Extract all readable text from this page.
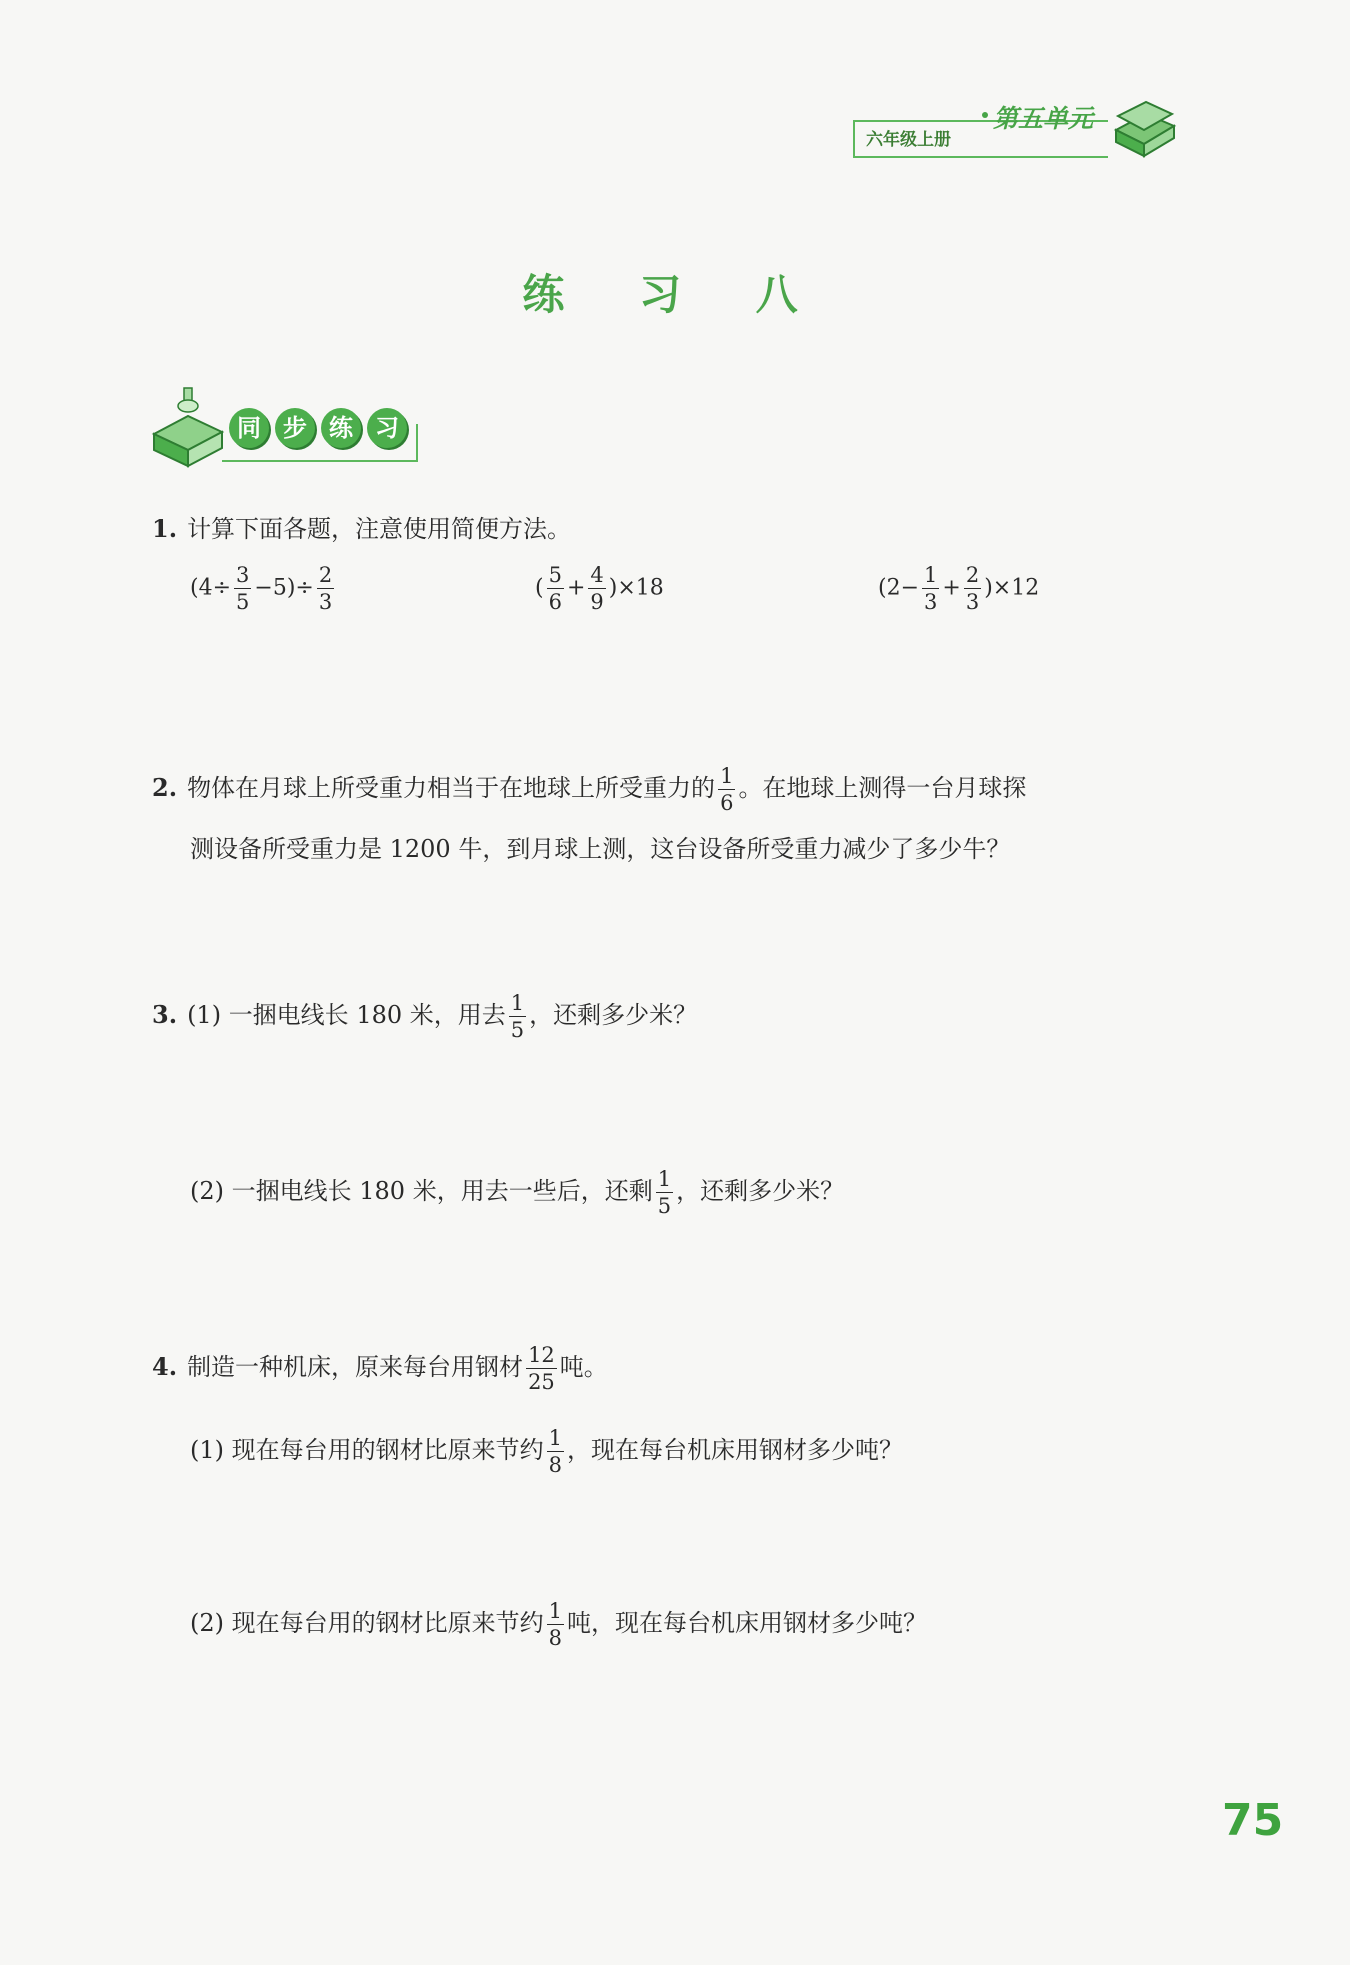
六年级上册
第五单元
练 习 八
同 步 练 习
1. 计算下面各题，注意使用简便方法。
$(4\div \frac{3}{5} -5)\div \frac{2}{3}$	( $\frac{5}{6} + \frac{4}{9} )\times 18$	$(2- \frac{1}{3} + \frac{2}{3} )\times 12$
2. 物体在月球上所受重力相当于在地球上所受重力的 $\frac{1}{6}$ 。在地球上测得一台月球探
测设备所受重力是 1200 牛，到月球上测，这台设备所受重力减少了多少牛？
3. (1) 一捆电线长 180 米，用去 $\frac{1}{5}$ ，还剩多少米？
(2) 一捆电线长 180 米，用去一些后，还剩 $\frac{1}{5}$ ，还剩多少米？
4. 制造一种机床，原来每台用钢材 $\frac{12}{25}$ 吨。
(1) 现在每台用的钢材比原来节约 $\frac{1}{8}$ ，现在每台机床用钢材多少吨？
(2) 现在每台用的钢材比原来节约 $\frac{1}{8}$ 吨，现在每台机床用钢材多少吨？
75
